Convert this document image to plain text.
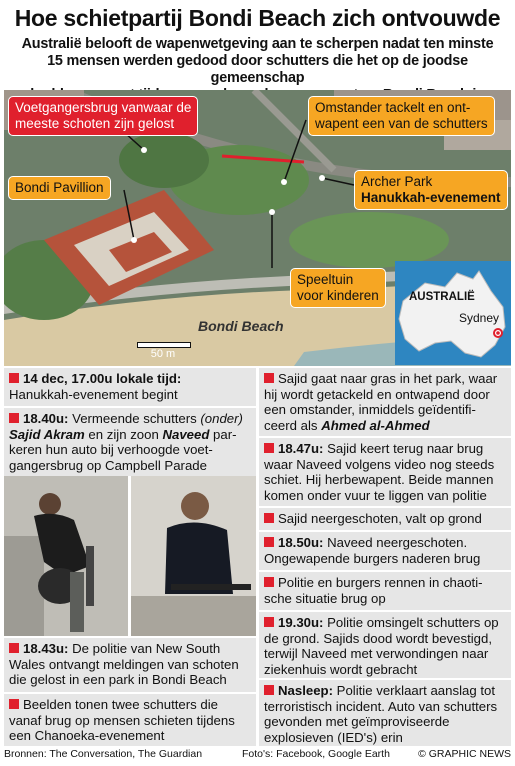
Hoe schietpartij Bondi Beach zich ontvouwde
Australië belooft de wapenwetgeving aan te scherpen nadat ten minste
15 mensen werden gedood door schutters die het op de joodse gemeenschap
Voetgangersbrug vanwaar de
meeste schoten zijn gelost
Omstander tackelt en ont-
wapent een van de schutters
Bondi Pavillion	Archer Park
Hanukkah-evenement
Speeltuin
voor kinderen
Bondi Beach
50 m
AUSTRALIË
Sydney
14 dec, 17.00u lokale tijd:
Hanukkah-evenement begint
18.40u: Vermeende schutters (onder)
Sajid Akram en zijn zoon Naveed par-
keren hun auto bij verhoogde voet-
gangersbrug op Campbell Parade
18.43u: De politie van New South
Wales ontvangt meldingen van schoten
die gelost in een park in Bondi Beach
Beelden tonen twee schutters die
vanaf brug op mensen schieten tijdens
een Chanoeka-evenement
Sajid gaat naar gras in het park, waar
hij wordt getackeld en ontwapend door
een omstander, inmiddels geïdentifi-
ceerd als Ahmed al-Ahmed
18.47u: Sajid keert terug naar brug
waar Naveed volgens video nog steeds
schiet. Hij herbewapent. Beide mannen
komen onder vuur te liggen van politie
Sajid neergeschoten, valt op grond
18.50u: Naveed neergeschoten.
Ongewapende burgers naderen brug
Politie en burgers rennen in chaoti-
sche situatie brug op
19.30u: Politie omsingelt schutters op
de grond. Sajids dood wordt bevestigd,
terwijl Naveed met verwondingen naar
ziekenhuis wordt gebracht
Nasleep: Politie verklaart aanslag tot
terroristisch incident. Auto van schutters
gevonden met geïmproviseerde
explosieven (IED's) erin
Bronnen: The Conversation, The Guardian	Foto's: Facebook, Google Earth	© GRAPHIC NEWS
